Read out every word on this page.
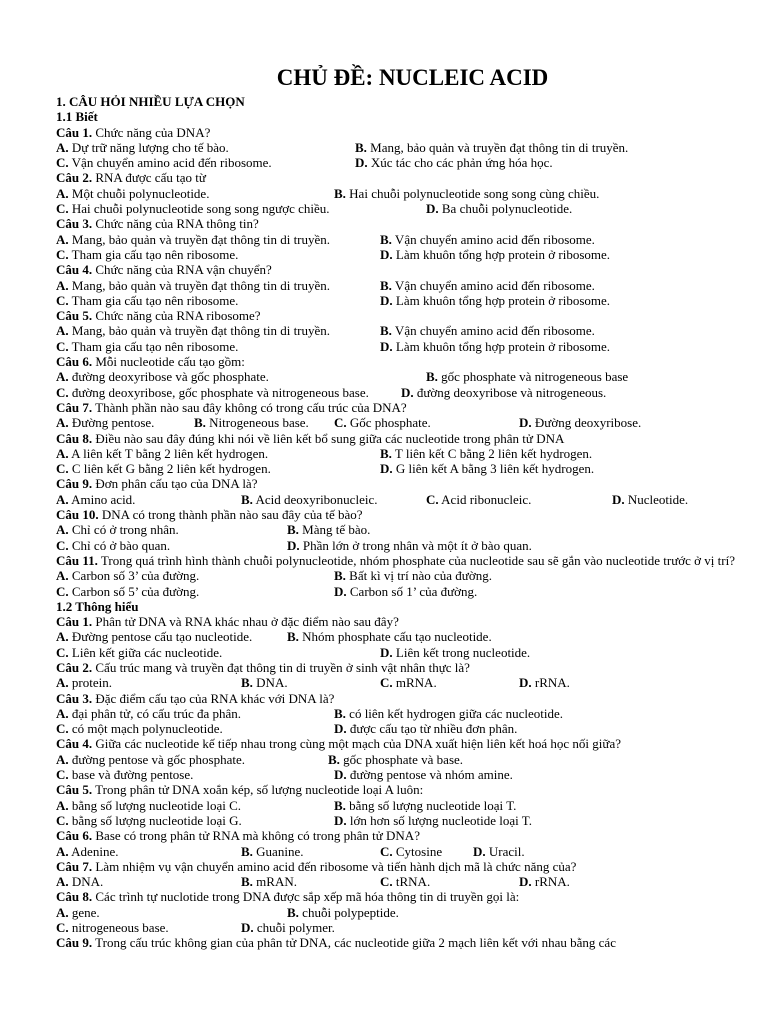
CHỦ ĐỀ: NUCLEIC ACID
1. CÂU HỎI NHIỀU LỰA CHỌN
1.1 Biết
Câu 1. Chức năng của DNA?
A. Dự trữ năng lượng cho tế bào.	B. Mang, bảo quản và truyền đạt thông tin di truyền.
C. Vận chuyển amino acid đến ribosome.	D. Xúc tác cho các phản ứng hóa học.
Câu 2. RNA được cấu tạo từ
A. Một chuỗi polynucleotide.	B. Hai chuỗi polynucleotide song song cùng chiều.
C. Hai chuỗi polynucleotide song song ngược chiều.	D. Ba chuỗi polynucleotide.
Câu 3. Chức năng của RNA thông tin?
A. Mang, bảo quản và truyền đạt thông tin di truyền.	B. Vận chuyển amino acid đến ribosome.
C. Tham gia cấu tạo nên ribosome.	D. Làm khuôn tổng hợp protein ở ribosome.
Câu 4. Chức năng của RNA vận chuyển?
A. Mang, bảo quản và truyền đạt thông tin di truyền.	B. Vận chuyển amino acid đến ribosome.
C. Tham gia cấu tạo nên ribosome.	D. Làm khuôn tổng hợp protein ở ribosome.
Câu 5. Chức năng của RNA ribosome?
A. Mang, bảo quản và truyền đạt thông tin di truyền.	B. Vận chuyển amino acid đến ribosome.
C. Tham gia cấu tạo nên ribosome.	D. Làm khuôn tổng hợp protein ở ribosome.
Câu 6. Mỗi nucleotide cấu tạo gồm:
A. đường deoxyribose và gốc phosphate.	B. gốc phosphate và nitrogeneous base
C. đường deoxyribose, gốc phosphate và nitrogeneous base. D. đường deoxyribose và nitrogeneous.
Câu 7. Thành phần nào sau đây không có trong cấu trúc của DNA?
A. Đường pentose.	B. Nitrogeneous base. C. Gốc phosphate.	D. Đường deoxyribose.
Câu 8. Điều nào sau đây đúng khi nói về liên kết bổ sung giữa các nucleotide trong phân tử DNA
A. A liên kết T bằng 2 liên kết hydrogen.	B. T liên kết C bằng 2 liên kết hydrogen.
C. C liên kết G bằng 2 liên kết hydrogen.	D. G liên kết A bằng 3 liên kết hydrogen.
Câu 9. Đơn phân cấu tạo của DNA là?
A. Amino acid.	B. Acid deoxyribonucleic.	C. Acid ribonucleic.	D. Nucleotide.
Câu 10. DNA có trong thành phần nào sau đây của tế bào?
A. Chỉ có ở trong nhân.	B. Màng tế bào.
C. Chỉ có ở bào quan.	D. Phần lớn ở trong nhân và một ít ở bào quan.
Câu 11. Trong quá trình hình thành chuỗi polynucleotide, nhóm phosphate của nucleotide sau sẽ gắn vào nucleotide trước ở vị trí?
A. Carbon số 3’ của đường.	B. Bất kì vị trí nào của đường.
C. Carbon số 5’ của đường.	D. Carbon số 1’ của đường.
1.2 Thông hiểu
Câu 1. Phân tử DNA và RNA khác nhau ở đặc điểm nào sau đây?
A. Đường pentose cấu tạo nucleotide.	B. Nhóm phosphate cấu tạo nucleotide.
C. Liên kết giữa các nucleotide.	D. Liên kết trong nucleotide.
Câu 2. Cấu trúc mang và truyền đạt thông tin di truyền ở sinh vật nhân thực là?
A. protein.	B. DNA.	C. mRNA.	D. rRNA.
Câu 3. Đặc điểm cấu tạo của RNA khác với DNA là?
A. đại phân tử, có cấu trúc đa phân.	B. có liên kết hydrogen giữa các nucleotide.
C. có một mạch polynucleotide.	D. được cấu tạo từ nhiều đơn phân.
Câu 4. Giữa các nucleotide kế tiếp nhau trong cùng một mạch của DNA xuất hiện liên kết hoá học nối giữa?
A. đường pentose và gốc phosphate.	B. gốc phosphate và base.
C. base và đường pentose.	D. đường pentose và nhóm amine.
Câu 5. Trong phân tử DNA xoắn kép, số lượng nucleotide loại A luôn:
A. bằng số lượng nucleotide loại C.	B. bằng số lượng nucleotide loại T.
C. bằng số lượng nucleotide loại G.	D. lớn hơn số lượng nucleotide loại T.
Câu 6. Base có trong phân tử RNA mà không có trong phân tử DNA?
A. Adenine.	B. Guanine.	C. Cytosine D. Uracil.
Câu 7. Làm nhiệm vụ vận chuyển amino acid đến ribosome và tiến hành dịch mã là chức năng của?
A. DNA.	B. mRAN.	C. tRNA.	D. rRNA.
Câu 8. Các trình tự nuclotide trong DNA được sắp xếp mã hóa thông tin di truyền gọi là:
A. gene.	B. chuỗi polypeptide.
C. nitrogeneous base.	D. chuỗi polymer.
Câu 9. Trong cấu trúc không gian của phân tử DNA, các nucleotide giữa 2 mạch liên kết với nhau bằng các
